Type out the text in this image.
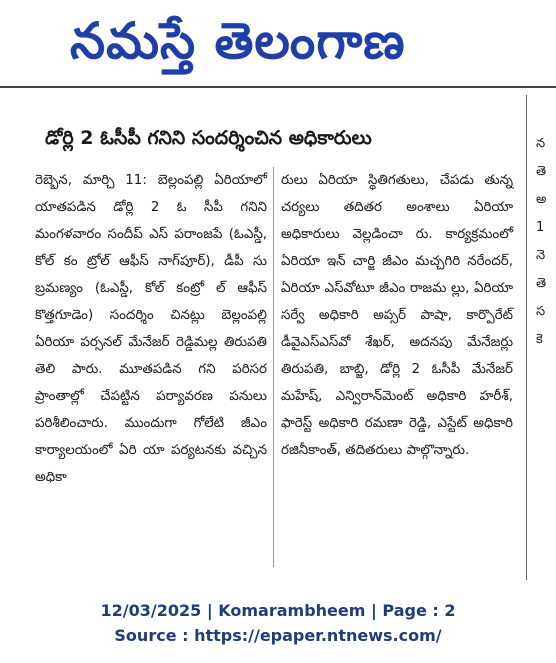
నమస్తే తెలంగాణ
డోర్లి 2 ఓసీపీ గనిని సందర్శించిన అధికారులు
రెబ్బెన, మార్చి 11: బెల్లంపల్లి ఏరియాలో యాతపడిన డోర్లి 2 ఓ సీపీ గనిని మంగళవారం సందీప్ ఎస్ పరాంజపే (ఓఎస్డీ, కోల్ కం ట్రోల్ ఆఫీస్ నాగ్‌పూర్), డీపీ సు బ్రమణ్యం (ఓఎస్డీ, కోల్ కంట్రో ల్ ఆఫీస్ కొత్తగూడెం) సందర్శిం చినట్లు బెల్లంపల్లి ఏరియా పర్సనల్ మేనేజర్ రెడ్డిమల్ల తిరుపతి తెలి పారు. మూతపడిన గని పరిసర ప్రాంతాల్లో చేపట్టిన పర్యావరణ పనులు పరిశీలించారు. ముందుగా గోలేటి జీఎం కార్యాలయంలో ఏరి యా పర్యటనకు వచ్చిన అధికా
రులు ఏరియా స్థితిగతులు, చేపడు తున్న చర్యలు తదితర అంశాలు ఏరియా అధికారులు వెల్లడించా రు. కార్యక్రమంలో ఏరియా ఇన్ చార్జి జీఎం మచ్చగిరి నరేందర్, ఏరియా ఎస్‌వోటూ జీఎం రాజమ ల్లు, ఏరియా సర్వే అధికారి అప్సర్ పాషా, కార్పొరేట్ డీవైఎస్ఎస్‌వో శేఖర్, అదనపు మేనేజర్లు తిరుపతి, బాబ్జి, డోర్లి 2 ఓసీపీ మేనేజర్ మహేష్, ఎన్విరాన్‌మెంట్ అధికారి హరీశ్, ఫారెస్ట్ అధికారి రమణా రెడ్డి, ఎస్టేట్ అధికారి రజినీకాంత్, తదితరులు పాల్గొన్నారు.
న
తె
అ
1
నె
తె
స
కె
12/03/2025 | Komarambheem | Page : 2
Source : https://epaper.ntnews.com/
